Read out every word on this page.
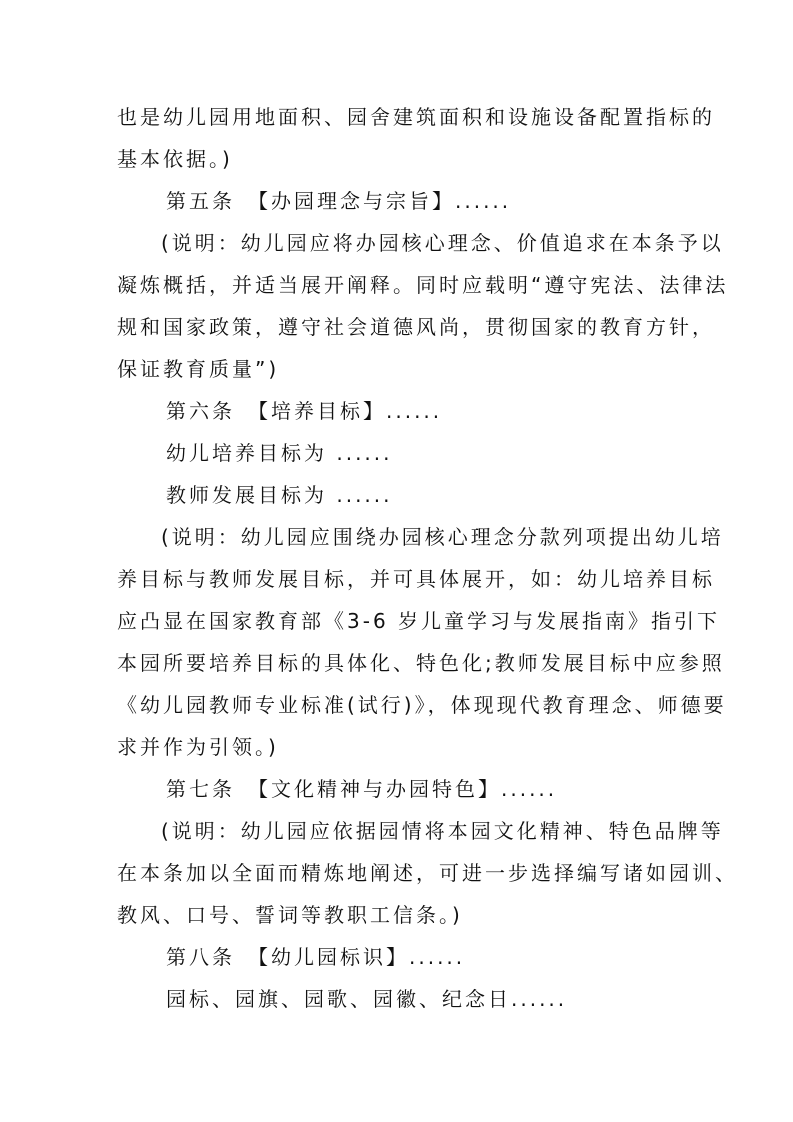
也是幼儿园用地面积、园舍建筑面积和设施设备配置指标的
基本依据。)
第五条　【办园理念与宗旨】......
(说明：幼儿园应将办园核心理念、价值追求在本条予以
凝炼概括，并适当展开阐释。同时应载明“遵守宪法、法律法
规和国家政策，遵守社会道德风尚，贯彻国家的教育方针，
保证教育质量”)
第六条　【培养目标】......
幼儿培养目标为 ......
教师发展目标为 ......
(说明：幼儿园应围绕办园核心理念分款列项提出幼儿培
养目标与教师发展目标，并可具体展开，如：幼儿培养目标
应凸显在国家教育部《3-6 岁儿童学习与发展指南》指引下
本园所要培养目标的具体化、特色化;教师发展目标中应参照
《幼儿园教师专业标准(试行)》，体现现代教育理念、师德要
求并作为引领。)
第七条　【文化精神与办园特色】......
(说明：幼儿园应依据园情将本园文化精神、特色品牌等
在本条加以全面而精炼地阐述，可进一步选择编写诸如园训、
教风、口号、誓词等教职工信条。)
第八条　【幼儿园标识】......
园标、园旗、园歌、园徽、纪念日......
